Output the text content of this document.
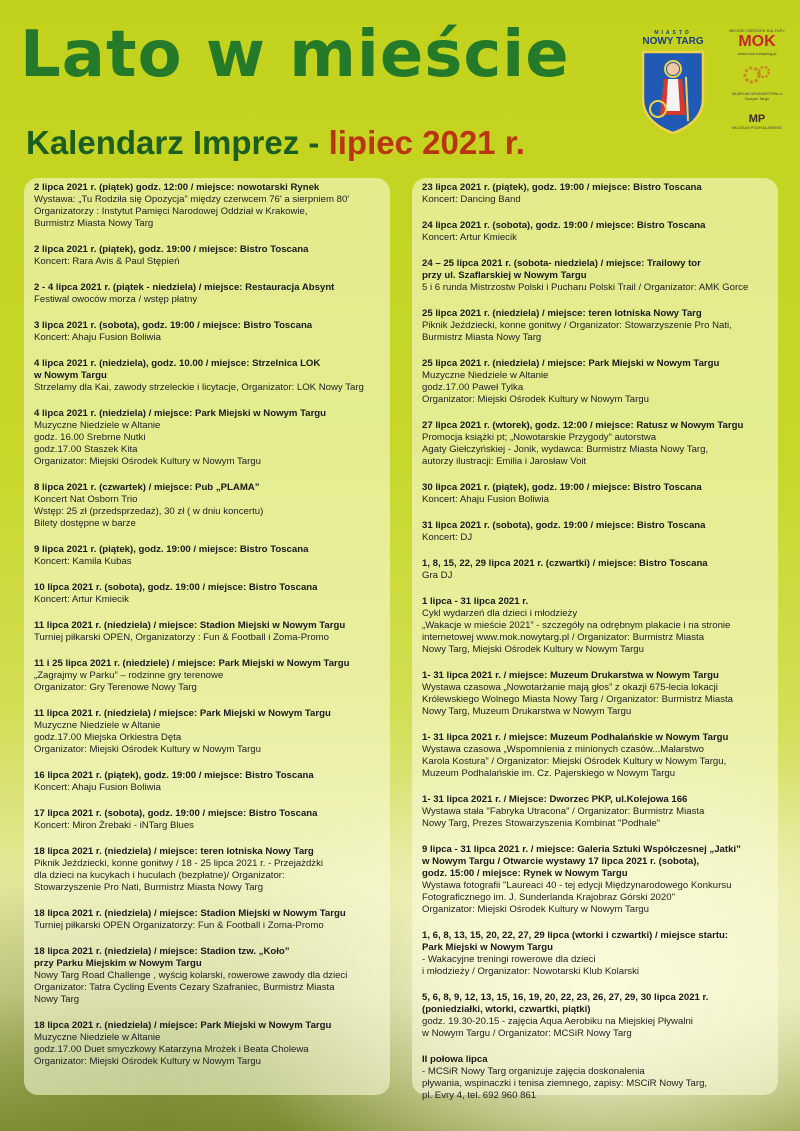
Lato w mieście
Kalendarz Imprez - lipiec 2021 r.
MIASTO
NOWY TARG
MIEJSKI OŚRODEK KULTURY
MOK
www.mok.nowytarg.pl
MUZEUM DRUKARSTWA w Nowym Targu
MP
MUZEUM PODHALAŃSKIE
2 lipca 2021 r. (piątek) godz. 12:00 / miejsce: nowotarski Rynek
Wystawa: „Tu Rodziła się Opozycja” między czerwcem 76' a sierpniem 80'
Organizatorzy : Instytut Pamięci Narodowej Oddział w Krakowie,
Burmistrz Miasta Nowy Targ
2 lipca 2021 r. (piątek), godz. 19:00 / miejsce: Bistro Toscana
Koncert: Rara Avis & Paul Stępień
2 - 4 lipca 2021 r. (piątek - niedziela) / miejsce: Restauracja Absynt
Festiwal owoców morza / wstęp płatny
3 lipca 2021 r. (sobota), godz. 19:00 / miejsce: Bistro Toscana
Koncert: Ahaju Fusion Boliwia
4 lipca 2021 r. (niedziela), godz. 10.00 / miejsce: Strzelnica LOK
w Nowym Targu
Strzelamy dla Kai, zawody strzeleckie i licytacje, Organizator: LOK Nowy Targ
4 lipca 2021 r. (niedziela) / miejsce: Park Miejski w Nowym Targu
Muzyczne Niedziele w Altanie
godz. 16.00 Srebrne Nutki
godz.17.00 Staszek Kita
Organizator: Miejski Ośrodek Kultury w Nowym Targu
8 lipca 2021 r. (czwartek) / miejsce: Pub „PLAMA”
Koncert Nat Osborn Trio
Wstęp: 25 zł (przedsprzedaż), 30 zł ( w dniu koncertu)
Bilety dostępne w barze
9 lipca 2021 r. (piątek), godz. 19:00 / miejsce: Bistro Toscana
Koncert: Kamila Kubas
10 lipca 2021 r. (sobota), godz. 19:00 / miejsce: Bistro Toscana
Koncert: Artur Kmiecik
11 lipca 2021 r. (niedziela) / miejsce: Stadion Miejski w Nowym Targu
Turniej piłkarski OPEN, Organizatorzy : Fun & Football i Zoma-Promo
11 i 25 lipca 2021 r. (niedziele) / miejsce: Park Miejski w Nowym Targu
„Zagrajmy w Parku” – rodzinne gry terenowe
Organizator: Gry Terenowe Nowy Targ
11 lipca 2021 r. (niedziela) / miejsce: Park Miejski w Nowym Targu
Muzyczne Niedziele w Altanie
godz.17.00 Miejska Orkiestra Dęta
Organizator: Miejski Ośrodek Kultury w Nowym Targu
16 lipca 2021 r. (piątek), godz. 19:00 / miejsce: Bistro Toscana
Koncert: Ahaju Fusion Boliwia
17 lipca 2021 r. (sobota), godz. 19:00 / miejsce: Bistro Toscana
Koncert: Miron Żrebaki - iNTarg Blues
18 lipca 2021 r. (niedziela) / miejsce: teren lotniska Nowy Targ
Piknik Jeździecki, konne gonitwy / 18 - 25 lipca 2021 r. - Przejażdżki
dla dzieci na kucykach i huculach (bezpłatne)/ Organizator:
Stowarzyszenie Pro Nati, Burmistrz Miasta Nowy Targ
18 lipca 2021 r. (niedziela) / miejsce: Stadion Miejski w Nowym Targu
Turniej piłkarski OPEN Organizatorzy: Fun & Football i Zoma-Promo
18 lipca 2021 r. (niedziela) / miejsce: Stadion tzw. „Koło”
przy Parku Miejskim w Nowym Targu
Nowy Targ Road Challenge , wyścig kolarski, rowerowe zawody dla dzieci
Organizator: Tatra Cycling Events Cezary Szafraniec, Burmistrz Miasta
Nowy Targ
18 lipca 2021 r. (niedziela) / miejsce: Park Miejski w Nowym Targu
Muzyczne Niedziele w Altanie
godz.17.00 Duet smyczkowy Katarzyna Mrożek i Beata Cholewa
Organizator: Miejski Ośrodek Kultury w Nowym Targu
23 lipca 2021 r. (piątek), godz. 19:00 / miejsce: Bistro Toscana
Koncert: Dancing Band
24 lipca 2021 r. (sobota), godz. 19:00 / miejsce: Bistro Toscana
Koncert: Artur Kmiecik
24 – 25 lipca 2021 r. (sobota- niedziela) / miejsce: Trailowy tor
przy ul. Szaflarskiej w Nowym Targu
5 i 6 runda Mistrzostw Polski i Pucharu Polski Trail / Organizator: AMK Gorce
25 lipca 2021 r. (niedziela) / miejsce: teren lotniska Nowy Targ
Piknik Jeździecki, konne gonitwy / Organizator: Stowarzyszenie Pro Nati,
Burmistrz Miasta Nowy Targ
25 lipca 2021 r. (niedziela) / miejsce: Park Miejski w Nowym Targu
Muzyczne Niedziele w Altanie
godz.17.00 Paweł Tylka
Organizator: Miejski Ośrodek Kultury w Nowym Targu
27 lipca 2021 r. (wtorek), godz. 12:00 / miejsce: Ratusz w Nowym Targu
Promocja książki pt; „Nowotarskie Przygody” autorstwa
Agaty Giełczyńskiej - Jonik, wydawca: Burmistrz Miasta Nowy Targ,
autorzy ilustracji: Emilia i Jarosław Voit
30 lipca 2021 r. (piątek), godz. 19:00 / miejsce: Bistro Toscana
Koncert: Ahaju Fusion Boliwia
31 lipca 2021 r. (sobota), godz. 19:00 / miejsce: Bistro Toscana
Koncert: DJ
1, 8, 15, 22, 29 lipca 2021 r. (czwartki) / miejsce: Bistro Toscana
Gra DJ
1 lipca - 31 lipca 2021 r.
Cykl wydarzeń dla dzieci i młodzieży
„Wakacje w mieście 2021” - szczegóły na odrębnym plakacie i na stronie
internetowej www.mok.nowytarg.pl / Organizator: Burmistrz Miasta
Nowy Targ, Miejski Ośrodek Kultury w Nowym Targu
1- 31 lipca 2021 r. / miejsce: Muzeum Drukarstwa w Nowym Targu
Wystawa czasowa „Nowotarżanie mają głos” z okazji 675-lecia lokacji
Królewskiego Wolnego Miasta Nowy Targ / Organizator: Burmistrz Miasta
Nowy Targ, Muzeum Drukarstwa w Nowym Targu
1- 31 lipca 2021 r. / miejsce: Muzeum Podhalańskie w Nowym Targu
Wystawa czasowa „Wspomnienia z minionych czasów...Malarstwo
Karola Kostura” / Organizator: Miejski Ośrodek Kultury w Nowym Targu,
Muzeum Podhalańskie im. Cz. Pajerskiego w Nowym Targu
1- 31 lipca 2021 r. / Miejsce: Dworzec PKP, ul.Kolejowa 166
Wystawa stała "Fabryka Utracona" / Organizator: Burmistrz Miasta
Nowy Targ, Prezes Stowarzyszenia Kombinat "Podhale"
9 lipca - 31 lipca 2021 r. / miejsce: Galeria Sztuki Współczesnej „Jatki”
w Nowym Targu / Otwarcie wystawy 17 lipca 2021 r. (sobota),
godz. 15:00 / miejsce: Rynek w Nowym Targu
Wystawa fotografii "Laureaci 40 - tej edycji Międzynarodowego Konkursu
Fotograficznego im. J. Sunderlanda Krajobraz Górski 2020"
Organizator: Miejski Ośrodek Kultury w Nowym Targu
1, 6, 8, 13, 15, 20, 22, 27, 29 lipca (wtorki i czwartki) / miejsce startu:
Park Miejski w Nowym Targu
- Wakacyjne treningi rowerowe dla dzieci
i młodzieży / Organizator: Nowotarski Klub Kolarski
5, 6, 8, 9, 12, 13, 15, 16, 19, 20, 22, 23, 26, 27, 29, 30 lipca 2021 r.
(poniedziałki, wtorki, czwartki, piątki)
godz. 19.30-20.15 - zajęcia Aqua Aerobiku na Miejskiej Pływalni
w Nowym Targu / Organizator: MCSiR Nowy Targ
II połowa lipca
- MCSiR Nowy Targ organizuje zajęcia doskonalenia
pływania, wspinaczki i tenisa ziemnego, zapisy: MSCiR Nowy Targ,
pl. Evry 4, tel. 692 960 861
